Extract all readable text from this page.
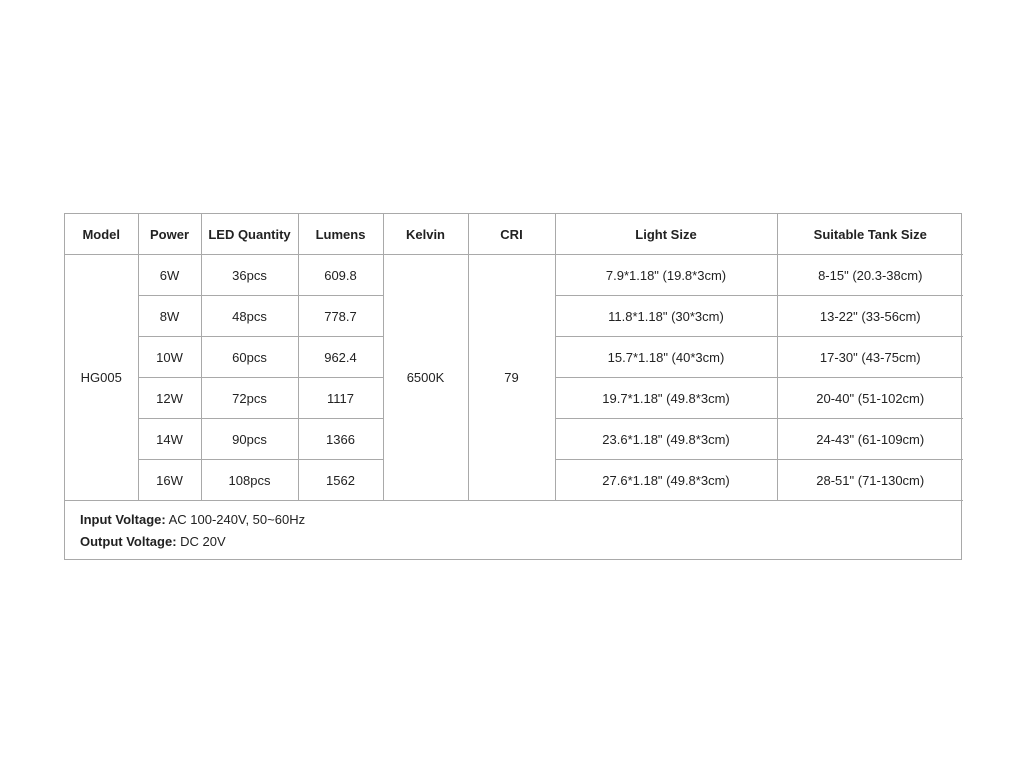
Model	Power	LED Quantity	Lumens	Kelvin	CRI	Light Size	Suitable Tank Size
HG005	6W	36pcs	609.8	6500K	79	7.9*1.18" (19.8*3cm)	8-15" (20.3-38cm)
	8W	48pcs	778.7			11.8*1.18" (30*3cm)	13-22" (33-56cm)
	10W	60pcs	962.4			15.7*1.18" (40*3cm)	17-30" (43-75cm)
	12W	72pcs	1117			19.7*1.18" (49.8*3cm)	20-40" (51-102cm)
	14W	90pcs	1366			23.6*1.18" (49.8*3cm)	24-43" (61-109cm)
	16W	108pcs	1562			27.6*1.18" (49.8*3cm)	28-51" (71-130cm)
Input Voltage: AC 100-240V, 50~60Hz
Output Voltage: DC 20V
